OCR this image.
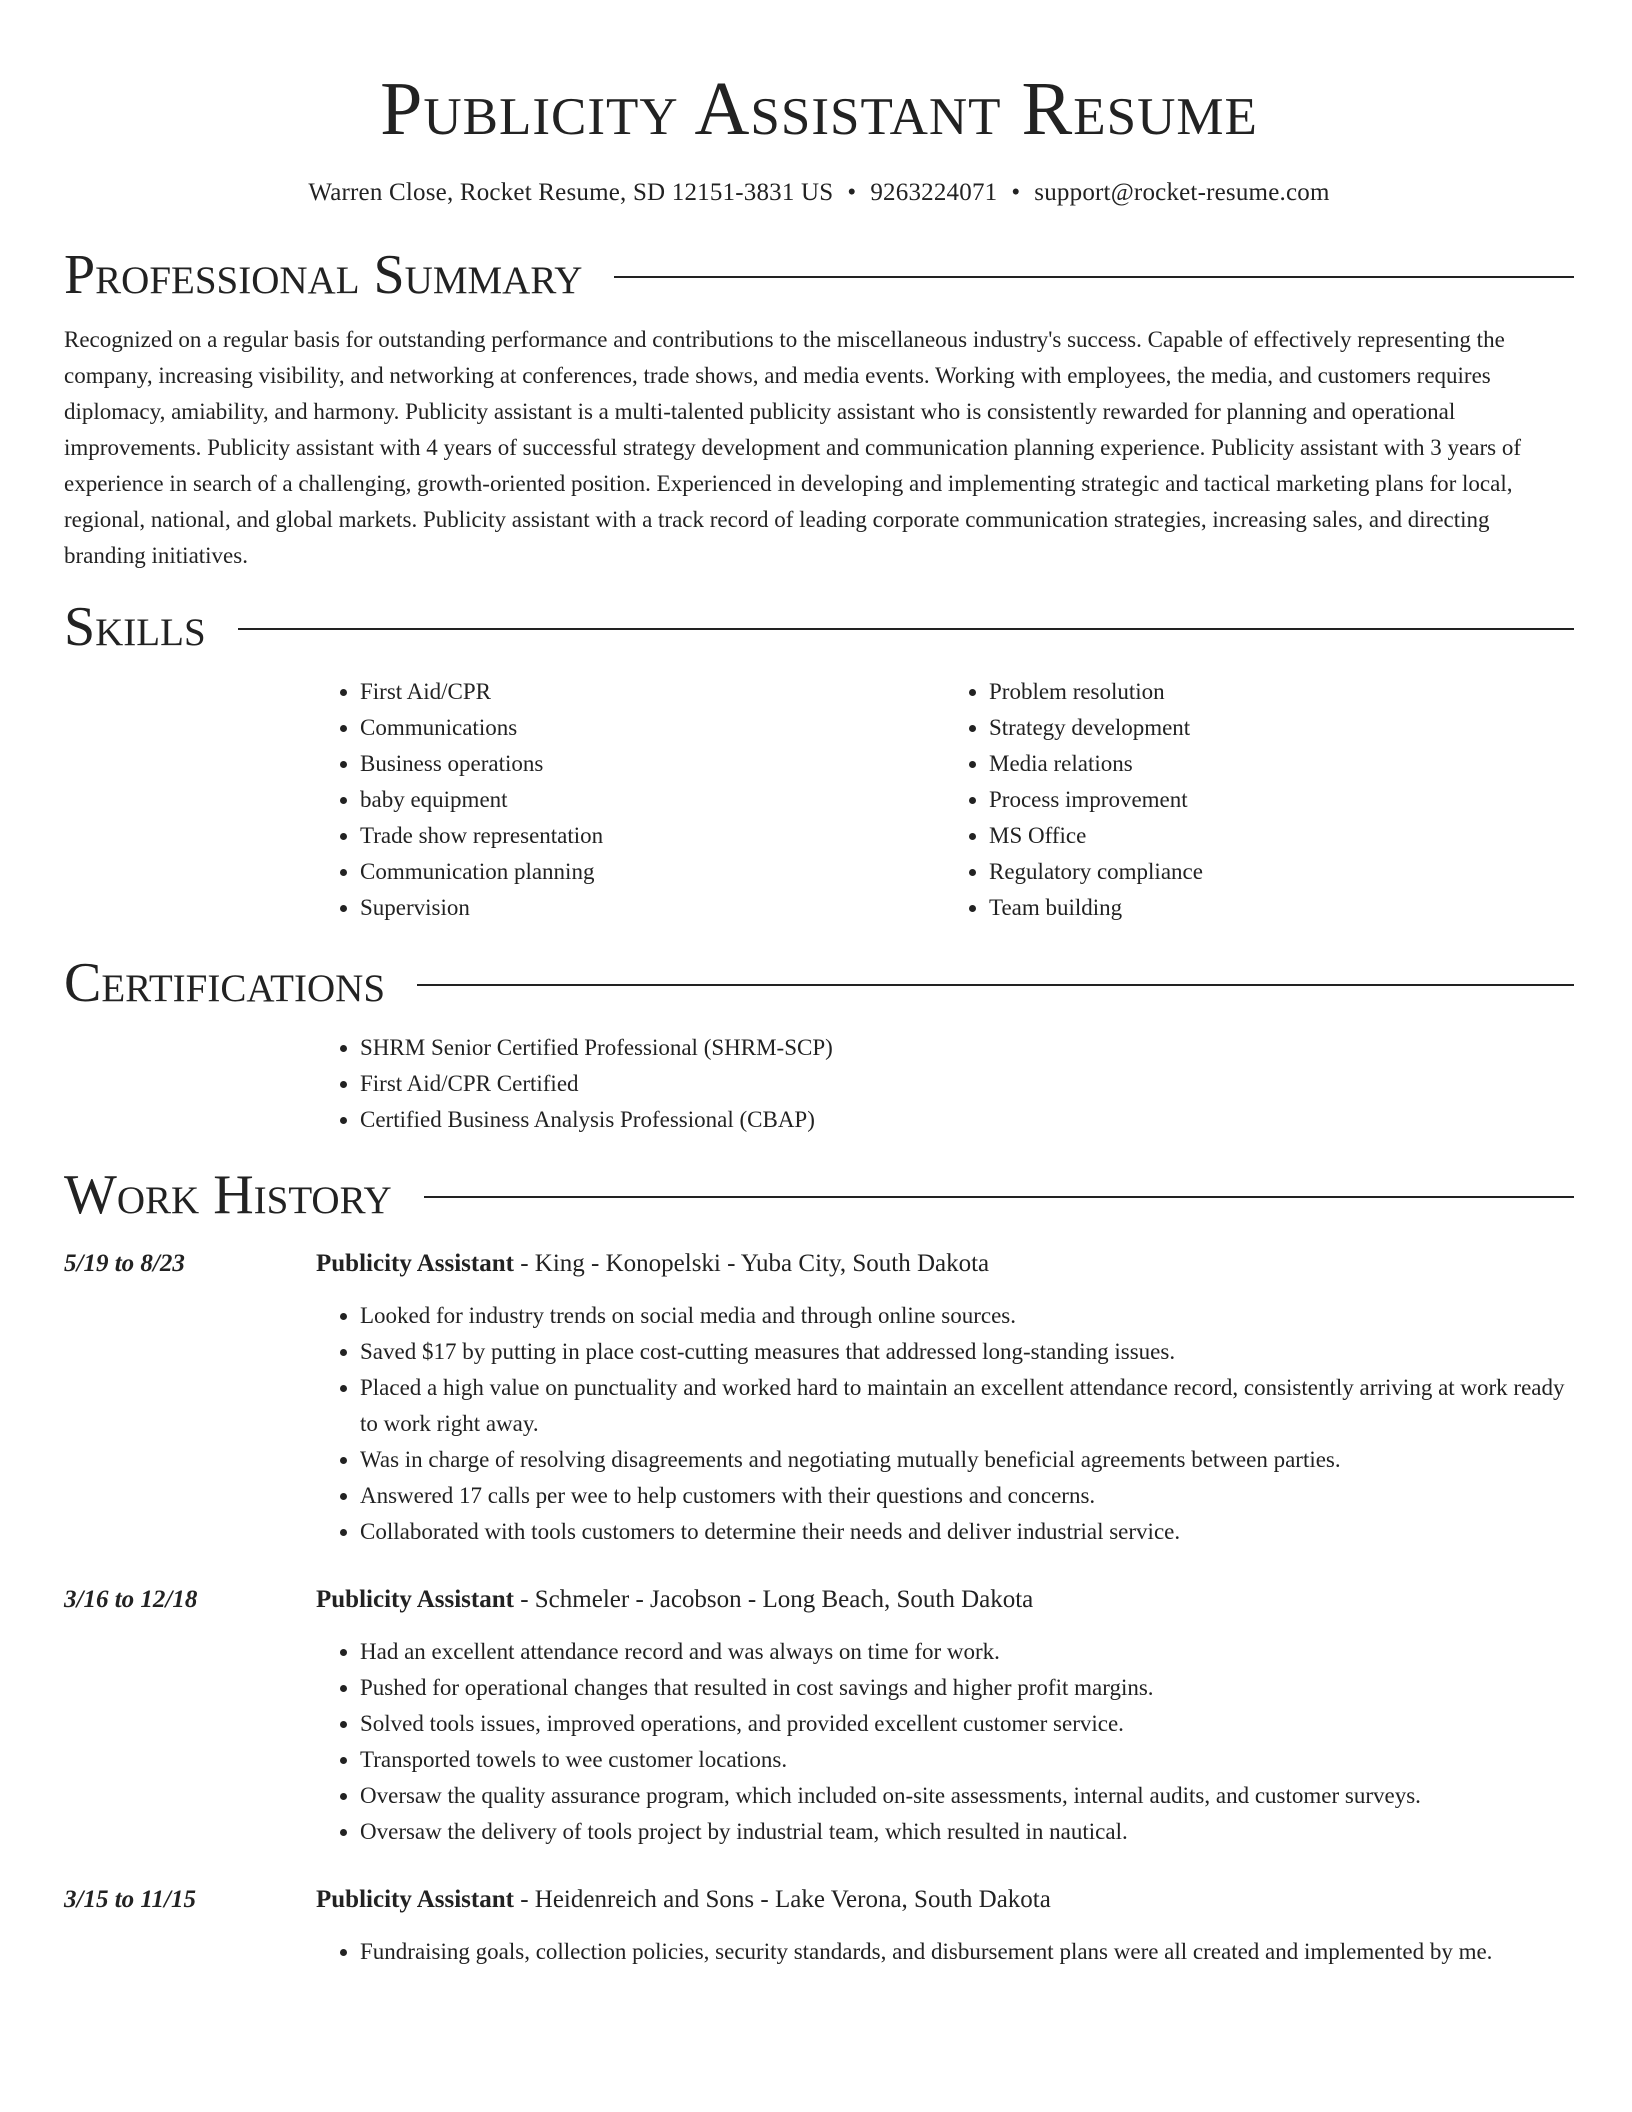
Publicity Assistant Resume
Warren Close, Rocket Resume, SD 12151-3831 US • 9263224071 • support@rocket-resume.com
Professional Summary

Recognized on a regular basis for outstanding performance and contributions to the miscellaneous industry's success. Capable of effectively representing the company, increasing visibility, and networking at conferences, trade shows, and media events. Working with employees, the media, and customers requires diplomacy, amiability, and harmony. Publicity assistant is a multi-talented publicity assistant who is consistently rewarded for planning and operational improvements. Publicity assistant with 4 years of successful strategy development and communication planning experience. Publicity assistant with 3 years of experience in search of a challenging, growth-oriented position. Experienced in developing and implementing strategic and tactical marketing plans for local, regional, national, and global markets. Publicity assistant with a track record of leading corporate communication strategies, increasing sales, and directing branding initiatives.

Skills
• First Aid/CPR
• Communications
• Business operations
• baby equipment
• Trade show representation
• Communication planning
• Supervision
• Problem resolution
• Strategy development
• Media relations
• Process improvement
• MS Office
• Regulatory compliance
• Team building
Certifications
• SHRM Senior Certified Professional (SHRM-SCP)
• First Aid/CPR Certified
• Certified Business Analysis Professional (CBAP)
Work History
5/19 to 8/23	Publicity Assistant - King - Konopelski - Yuba City, South Dakota
• Looked for industry trends on social media and through online sources.
• Saved $17 by putting in place cost-cutting measures that addressed long-standing issues.
• Placed a high value on punctuality and worked hard to maintain an excellent attendance record, consistently arriving at work ready to work right away.
• Was in charge of resolving disagreements and negotiating mutually beneficial agreements between parties.
• Answered 17 calls per wee to help customers with their questions and concerns.
• Collaborated with tools customers to determine their needs and deliver industrial service.
3/16 to 12/18	Publicity Assistant - Schmeler - Jacobson - Long Beach, South Dakota
• Had an excellent attendance record and was always on time for work.
• Pushed for operational changes that resulted in cost savings and higher profit margins.
• Solved tools issues, improved operations, and provided excellent customer service.
• Transported towels to wee customer locations.
• Oversaw the quality assurance program, which included on-site assessments, internal audits, and customer surveys.
• Oversaw the delivery of tools project by industrial team, which resulted in nautical.
3/15 to 11/15	Publicity Assistant - Heidenreich and Sons - Lake Verona, South Dakota
• Fundraising goals, collection policies, security standards, and disbursement plans were all created and implemented by me.
